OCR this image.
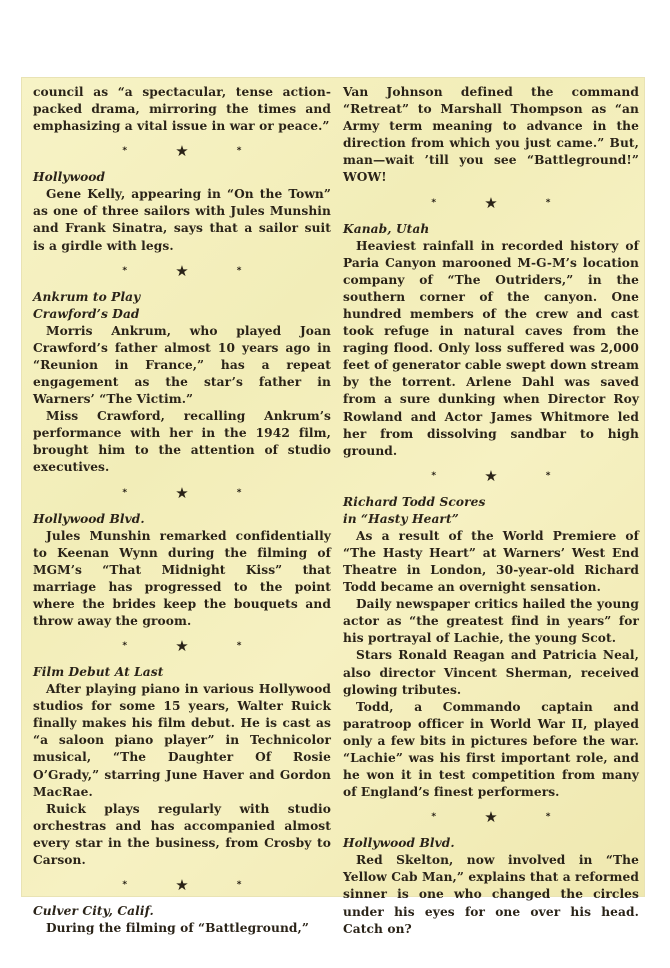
council as “a spectacular, tense action-packed drama, mirroring the times and emphasizing a vital issue in war or peace.”

*	★	*
Hollywood

Gene Kelly, appearing in “On the Town” as one of three sailors with Jules Munshin and Frank Sinatra, says that a sailor suit is a girdle with legs.

*	★	*
Ankrum to Play
Crawford’s Dad

Morris Ankrum, who played Joan Crawford’s father almost 10 years ago in “Reunion in France,” has a repeat engagement as the star’s father in Warners’ “The Victim.”

Miss Crawford, recalling Ankrum’s performance with her in the 1942 film, brought him to the attention of studio executives.

*	★	*
Hollywood Blvd.

Jules Munshin remarked confidentially to Keenan Wynn during the filming of MGM’s “That Midnight Kiss” that marriage has progressed to the point where the brides keep the bouquets and throw away the groom.

*	★	*
Film Debut At Last

After playing piano in various Hollywood studios for some 15 years, Walter Ruick finally makes his film debut. He is cast as “a saloon piano player” in Technicolor musical, “The Daughter Of Rosie O’Grady,” starring June Haver and Gordon MacRae.

Ruick plays regularly with studio orchestras and has accompanied almost every star in the business, from Crosby to Carson.

*	★	*
Culver City, Calif.

During the filming of “Battleground,”

Van Johnson defined the command “Retreat” to Marshall Thompson as “an Army term meaning to advance in the direction from which you just came.” But, man—wait ’till you see “Battleground!” WOW!

*	★	*
Kanab, Utah

Heaviest rainfall in recorded history of Paria Canyon marooned M-G-M’s location company of “The Outriders,” in the southern corner of the canyon. One hundred members of the crew and cast took refuge in natural caves from the raging flood. Only loss suffered was 2,000 feet of generator cable swept down stream by the torrent. Arlene Dahl was saved from a sure dunking when Director Roy Rowland and Actor James Whitmore led her from dissolving sandbar to high ground.

*	★	*
Richard Todd Scores
in “Hasty Heart”

As a result of the World Premiere of “The Hasty Heart” at Warners’ West End Theatre in London, 30-year-old Richard Todd became an overnight sensation.

Daily newspaper critics hailed the young actor as “the greatest find in years” for his portrayal of Lachie, the young Scot.

Stars Ronald Reagan and Patricia Neal, also director Vincent Sherman, received glowing tributes.

Todd, a Commando captain and paratroop officer in World War II, played only a few bits in pictures before the war. “Lachie” was his first important role, and he won it in test competition from many of England’s finest performers.

*	★	*
Hollywood Blvd.

Red Skelton, now involved in “The Yellow Cab Man,” explains that a reformed sinner is one who changed the circles under his eyes for one over his head. Catch on?
